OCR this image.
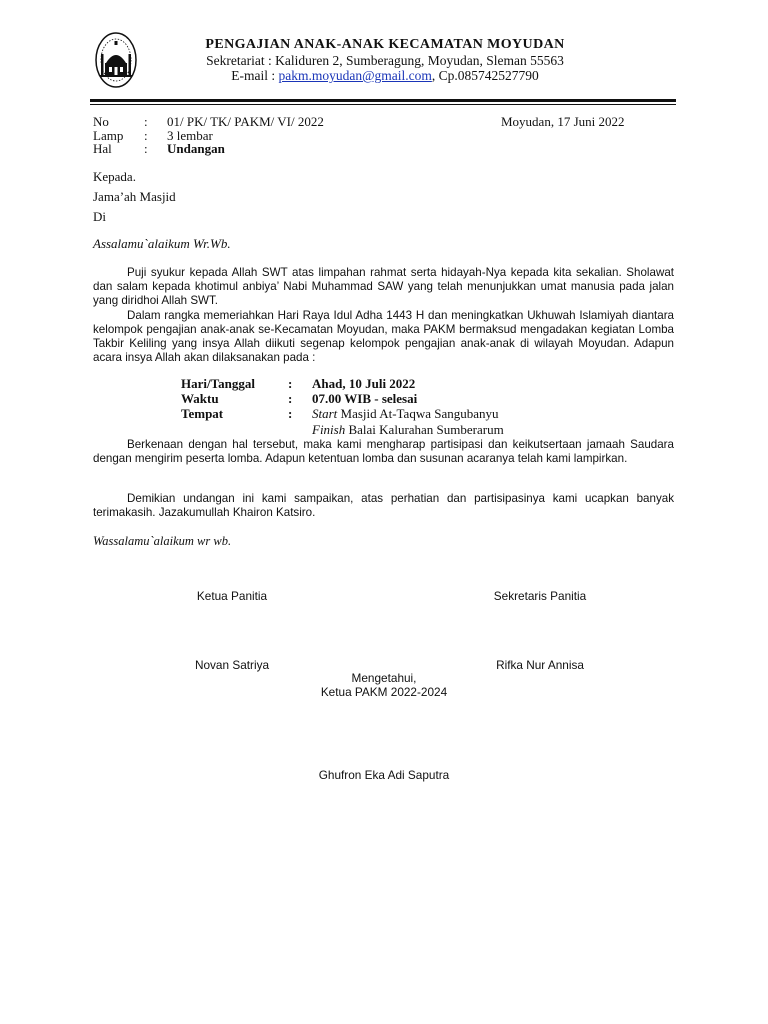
PENGAJIAN ANAK-ANAK KECAMATAN MOYUDAN
Sekretariat : Kaliduren 2, Sumberagung, Moyudan, Sleman 55563
E-mail : pakm.moyudan@gmail.com, Cp.085742527790
No	: 01/ PK/ TK/ PAKM/ VI/ 2022
Lamp : 3 lembar
Hal : Undangan
Moyudan, 17 Juni 2022
Kepada.
Jama’ah Masjid
Di
Assalamu`alaikum Wr.Wb.
Puji syukur kepada Allah SWT atas limpahan rahmat serta hidayah-Nya kepada kita sekalian. Sholawat dan salam kepada khotimul anbiya’ Nabi Muhammad SAW yang telah menunjukkan umat manusia pada jalan yang diridhoi Allah SWT.
Dalam rangka memeriahkan Hari Raya Idul Adha 1443 H dan meningkatkan Ukhuwah Islamiyah diantara kelompok pengajian anak-anak se-Kecamatan Moyudan, maka PAKM bermaksud mengadakan kegiatan Lomba Takbir Keliling yang insya Allah diikuti segenap kelompok pengajian anak-anak di wilayah Moyudan. Adapun acara insya Allah akan dilaksanakan pada :
Hari/Tanggal	: Ahad, 10 Juli 2022
Waktu	: 07.00 WIB - selesai
Tempat	: Start Masjid At-Taqwa Sangubanyu
Finish Balai Kalurahan Sumberarum
Berkenaan dengan hal tersebut, maka kami mengharap partisipasi dan keikutsertaan jamaah Saudara dengan mengirim peserta lomba. Adapun ketentuan lomba dan susunan acaranya telah kami lampirkan.
Demikian undangan ini kami sampaikan, atas perhatian dan partisipasinya kami ucapkan banyak terimakasih. Jazakumullah Khairon Katsiro.
Wassalamu`alaikum wr wb.
Ketua Panitia	Sekretaris Panitia
Novan Satriya	Rifka Nur Annisa
Mengetahui,
Ketua PAKM 2022-2024
Ghufron Eka Adi Saputra
